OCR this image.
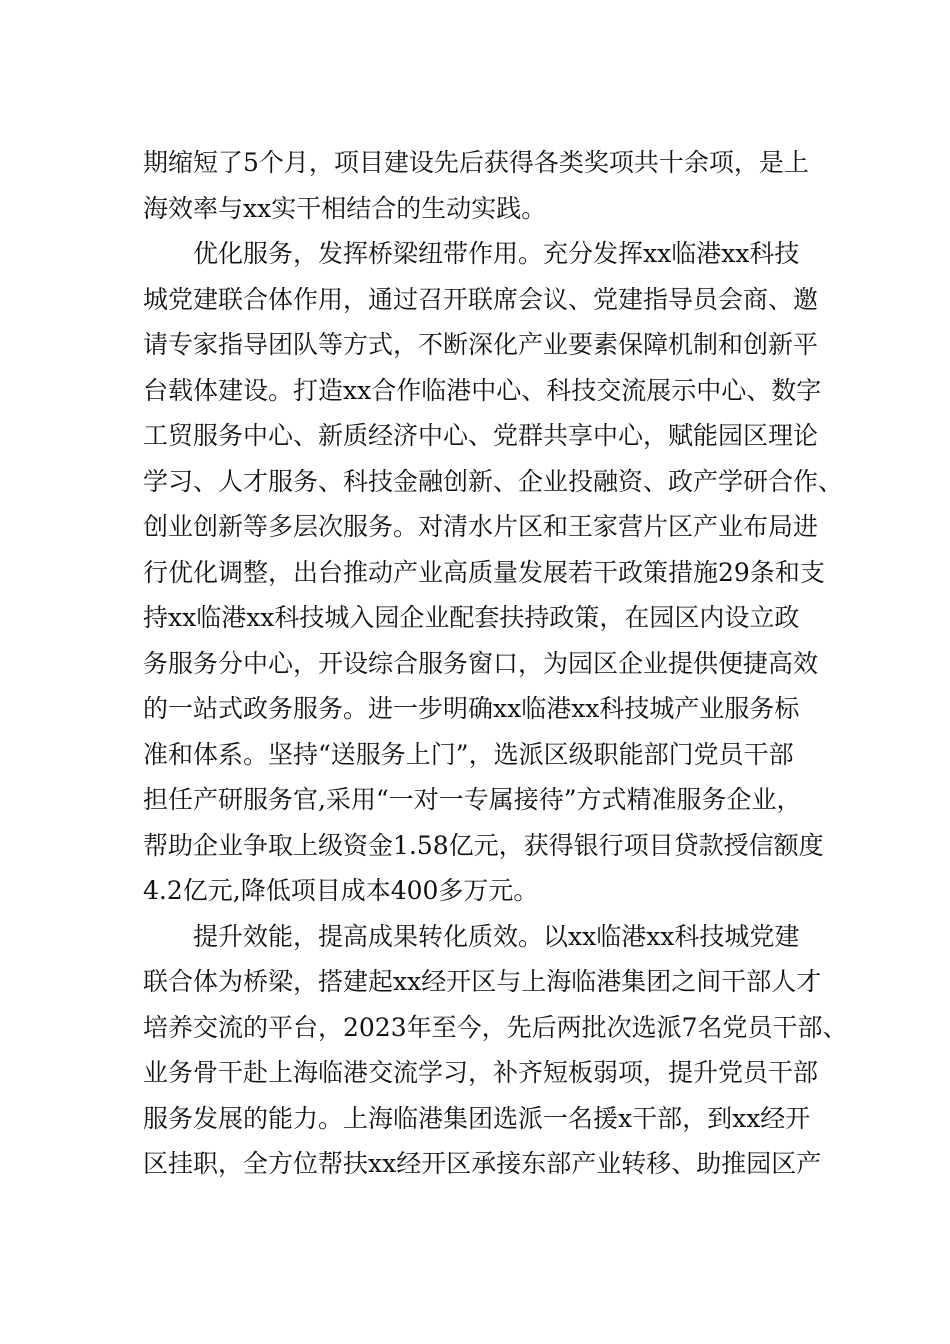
期缩短了5个月，项目建设先后获得各类奖项共十余项，是上
海效率与xx实干相结合的生动实践。
优化服务，发挥桥梁纽带作用。充分发挥xx临港xx科技
城党建联合体作用，通过召开联席会议、党建指导员会商、邀
请专家指导团队等方式，不断深化产业要素保障机制和创新平
台载体建设。打造xx合作临港中心、科技交流展示中心、数字
工贸服务中心、新质经济中心、党群共享中心，赋能园区理论
学习、人才服务、科技金融创新、企业投融资、政产学研合作、
创业创新等多层次服务。对清水片区和王家营片区产业布局进
行优化调整，出台推动产业高质量发展若干政策措施29条和支
持xx临港xx科技城入园企业配套扶持政策，在园区内设立政
务服务分中心，开设综合服务窗口，为园区企业提供便捷高效
的一站式政务服务。进一步明确xx临港xx科技城产业服务标
准和体系。坚持“送服务上门”，选派区级职能部门党员干部
担任产研服务官,采用“一对一专属接待”方式精准服务企业，
帮助企业争取上级资金1.58亿元，获得银行项目贷款授信额度
4.2亿元,降低项目成本400多万元。
提升效能，提高成果转化质效。以xx临港xx科技城党建
联合体为桥梁，搭建起xx经开区与上海临港集团之间干部人才
培养交流的平台，2023年至今，先后两批次选派7名党员干部、
业务骨干赴上海临港交流学习，补齐短板弱项，提升党员干部
服务发展的能力。上海临港集团选派一名援x干部，到xx经开
区挂职，全方位帮扶xx经开区承接东部产业转移、助推园区产
